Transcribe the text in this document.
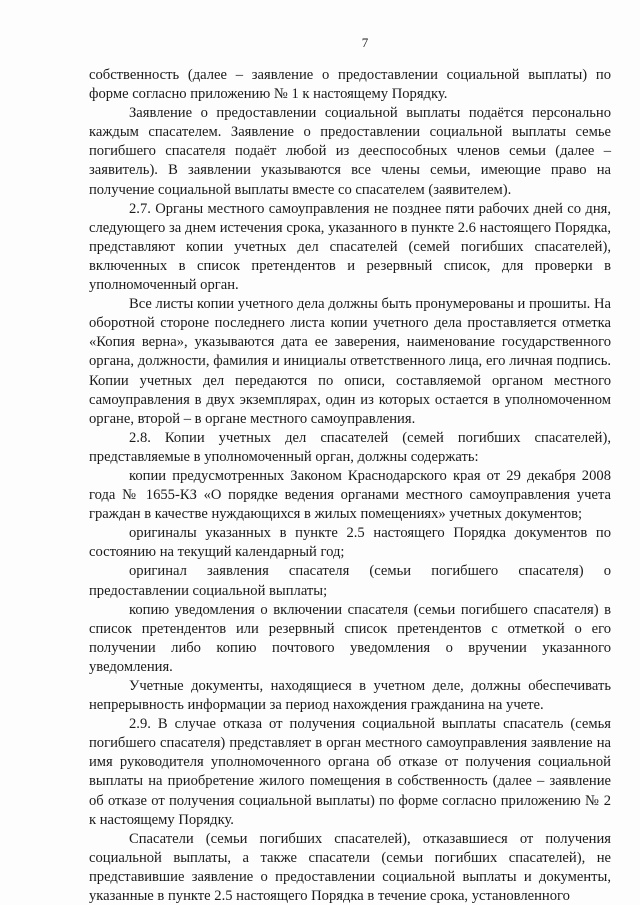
7

собственность (далее – заявление о предоставлении социальной выплаты) по форме согласно приложению № 1 к настоящему Порядку.

Заявление о предоставлении социальной выплаты подаётся персонально каждым спасателем. Заявление о предоставлении социальной выплаты семье погибшего спасателя подаёт любой из дееспособных членов семьи (далее – заявитель). В заявлении указываются все члены семьи, имеющие право на получение социальной выплаты вместе со спасателем (заявителем).

2.7. Органы местного самоуправления не позднее пяти рабочих дней со дня, следующего за днем истечения срока, указанного в пункте 2.6 настоящего Порядка, представляют копии учетных дел спасателей (семей погибших спасателей), включенных в список претендентов и резервный список, для проверки в уполномоченный орган.

Все листы копии учетного дела должны быть пронумерованы и прошиты. На оборотной стороне последнего листа копии учетного дела проставляется отметка «Копия верна», указываются дата ее заверения, наименование государственного органа, должности, фамилия и инициалы ответственного лица, его личная подпись. Копии учетных дел передаются по описи, составляемой органом местного самоуправления в двух экземплярах, один из которых остается в уполномоченном органе, второй – в органе местного самоуправления.

2.8. Копии учетных дел спасателей (семей погибших спасателей), представляемые в уполномоченный орган, должны содержать:

копии предусмотренных Законом Краснодарского края от 29 декабря 2008 года № 1655-КЗ «О порядке ведения органами местного самоуправления учета граждан в качестве нуждающихся в жилых помещениях» учетных документов;

оригиналы указанных в пункте 2.5 настоящего Порядка документов по состоянию на текущий календарный год;

оригинал заявления спасателя (семьи погибшего спасателя) о предоставлении социальной выплаты;

копию уведомления о включении спасателя (семьи погибшего спасателя) в список претендентов или резервный список претендентов с отметкой о его получении либо копию почтового уведомления о вручении указанного уведомления.

Учетные документы, находящиеся в учетном деле, должны обеспечивать непрерывность информации за период нахождения гражданина на учете.

2.9. В случае отказа от получения социальной выплаты спасатель (семья погибшего спасателя) представляет в орган местного самоуправления заявление на имя руководителя уполномоченного органа об отказе от получения социальной выплаты на приобретение жилого помещения в собственность (далее – заявление об отказе от получения социальной выплаты) по форме согласно приложению № 2 к настоящему Порядку.

Спасатели (семьи погибших спасателей), отказавшиеся от получения социальной выплаты, а также спасатели (семьи погибших спасателей), не представившие заявление о предоставлении социальной выплаты и документы, указанные в пункте 2.5 настоящего Порядка в течение срока, установленного
